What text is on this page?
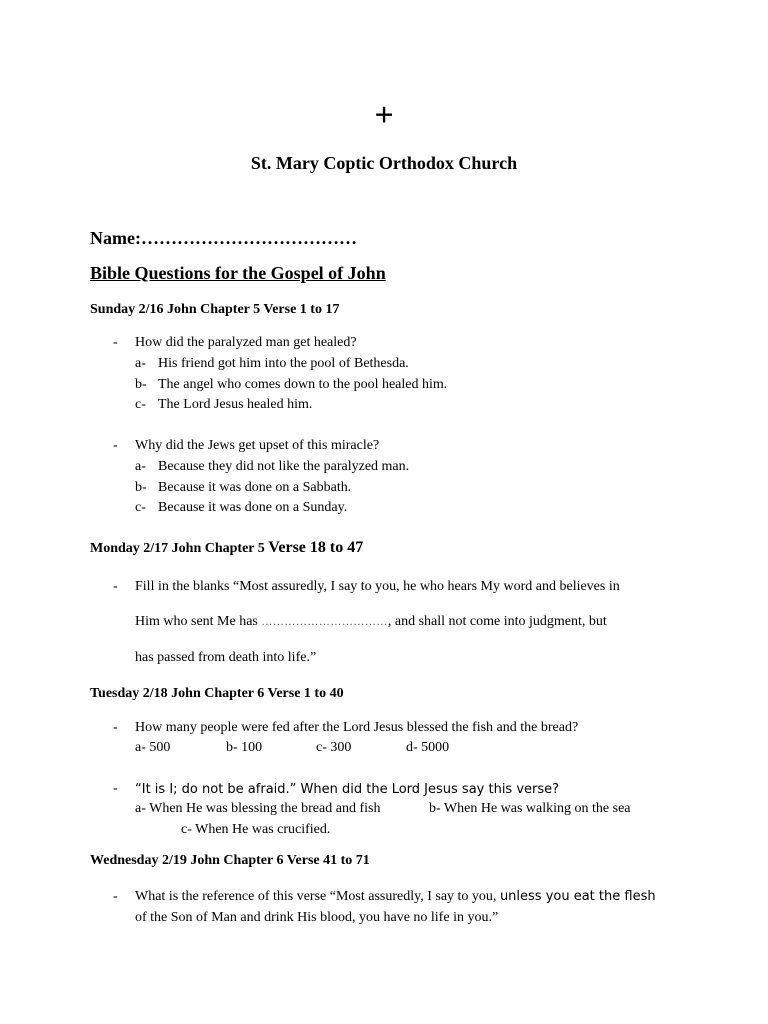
+
St. Mary Coptic Orthodox Church
Name:………………………………
Bible Questions for the Gospel of John
Sunday 2/16 John Chapter 5 Verse 1 to 17
- How did the paralyzed man get healed?
a- His friend got him into the pool of Bethesda.
b- The angel who comes down to the pool healed him.
c- The Lord Jesus healed him.
- Why did the Jews get upset of this miracle?
a- Because they did not like the paralyzed man.
b- Because it was done on a Sabbath.
c- Because it was done on a Sunday.
Monday 2/17 John Chapter 5 Verse 18 to 47
- Fill in the blanks “Most assuredly, I say to you, he who hears My word and believes in
Him who sent Me has ……………………………, and shall not come into judgment, but
has passed from death into life.”
Tuesday 2/18 John Chapter 6 Verse 1 to 40
- How many people were fed after the Lord Jesus blessed the fish and the bread?
a- 500	b- 100	c- 300	d- 5000
- “It is I; do not be afraid.” When did the Lord Jesus say this verse?
a- When He was blessing the bread and fish	b- When He was walking on the sea
c- When He was crucified.
Wednesday 2/19 John Chapter 6 Verse 41 to 71
- What is the reference of this verse “Most assuredly, I say to you, unless you eat the flesh
of the Son of Man and drink His blood, you have no life in you.”
